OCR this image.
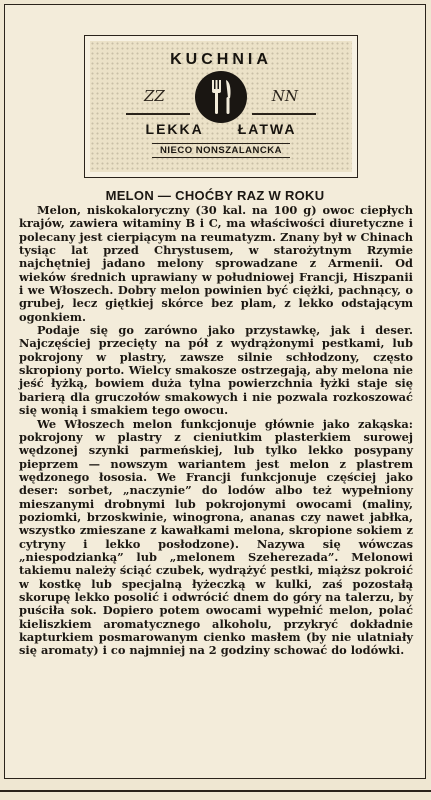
KUCHNIA
ZZ	NN
LEKKA ŁATWA
NIECO NONSZALANCKA
MELON — CHOĆBY RAZ W ROKU

Melon, niskokaloryczny (30 kal. na 100 g) owoc ciepłych krajów, zawiera witaminy B i C, ma właściwości diuretyczne i polecany jest cierpiącym na reumatyzm. Znany był w Chinach tysiąc lat przed Chrystusem, w starożytnym Rzymie najchętniej jadano melony sprowadzane z Armenii. Od wieków średnich uprawiany w południowej Francji, Hiszpanii i we Włoszech. Dobry melon powinien być ciężki, pachnący, o grubej, lecz giętkiej skórce bez plam, z lekko odstającym ogonkiem.

Podaje się go zarówno jako przystawkę, jak i deser. Najczęściej przecięty na pół z wydrążonymi pestkami, lub pokrojony w plastry, zawsze silnie schłodzony, często skropiony porto. Wielcy smakosze ostrzegają, aby melona nie jeść łyżką, bowiem duża tylna powierzchnia łyżki staje się barierą dla gruczołów smakowych i nie pozwala rozkoszować się wonią i smakiem tego owocu.

We Włoszech melon funkcjonuje głównie jako zakąska: pokrojony w plastry z cieniutkim plasterkiem surowej wędzonej szynki parmeńskiej, lub tylko lekko posypany pieprzem — nowszym wariantem jest melon z plastrem wędzonego łososia. We Francji funkcjonuje częściej jako deser: sorbet, „naczynie” do lodów albo też wypełniony mieszanymi drobnymi lub pokrojonymi owocami (maliny, poziomki, brzoskwinie, winogrona, ananas czy nawet jabłka, wszystko zmieszane z kawałkami melona, skropione sokiem z cytryny i lekko posłodzone). Nazywa się wówczas „niespodzianką” lub „melonem Szeherezada”. Melonowi takiemu należy ściąć czubek, wydrążyć pestki, miąższ pokroić w kostkę lub specjalną łyżeczką w kulki, zaś pozostałą skorupę lekko posolić i odwrócić dnem do góry na talerzu, by puściła sok. Dopiero potem owocami wypełnić melon, polać kieliszkiem aromatycznego alkoholu, przykryć dokładnie kapturkiem posmarowanym cienko masłem (by nie ulatniały się aromaty) i co najmniej na 2 godziny schować do lodówki.
